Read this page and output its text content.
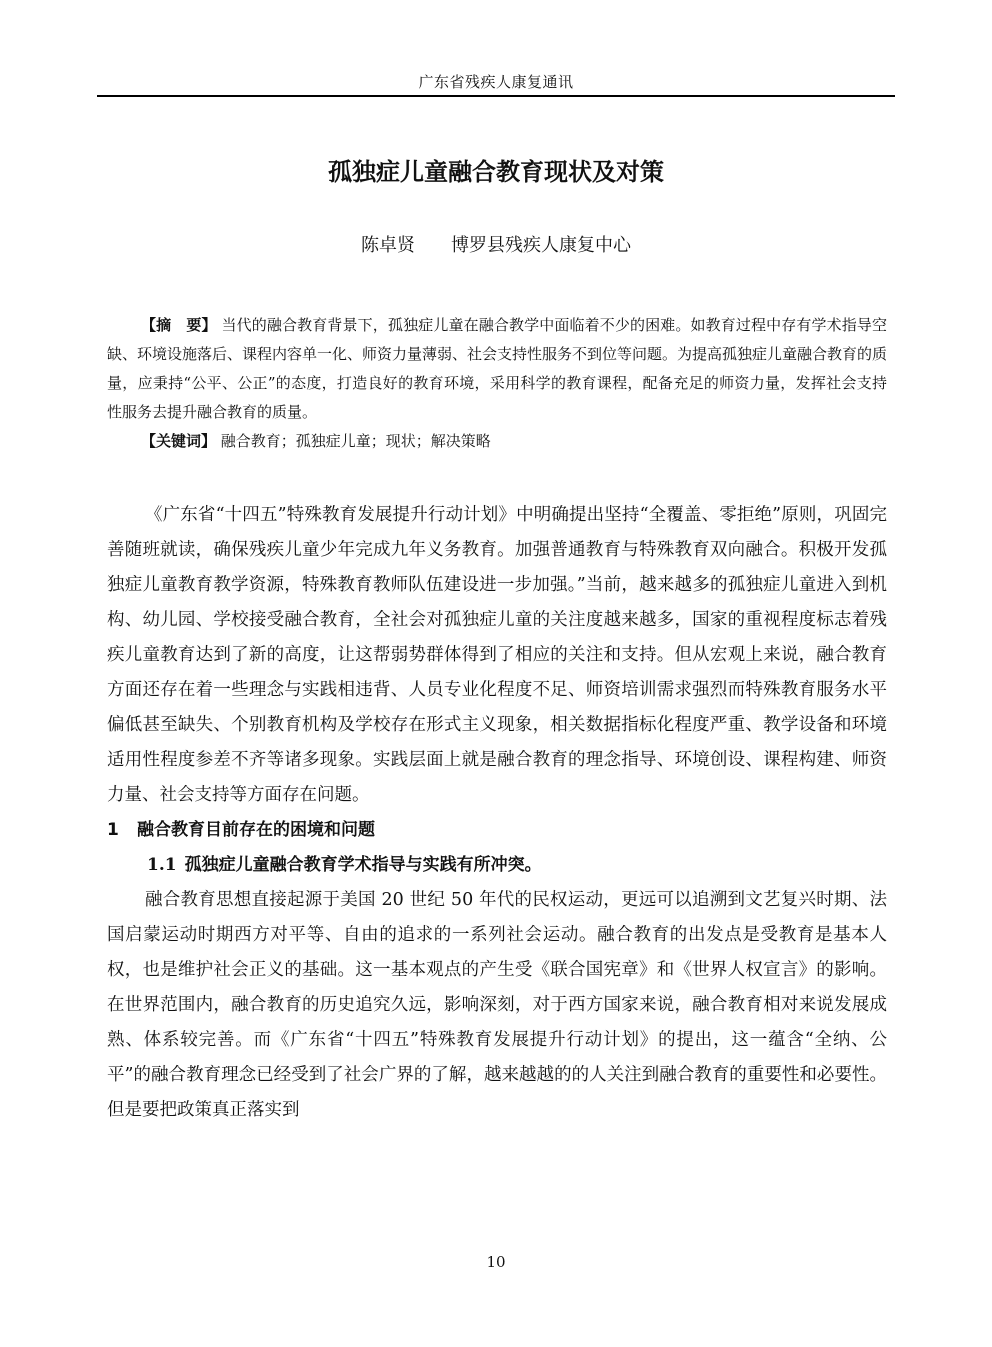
广东省残疾人康复通讯
孤独症儿童融合教育现状及对策
陈卓贤 博罗县残疾人康复中心

【摘　要】 当代的融合教育背景下，孤独症儿童在融合教学中面临着不少的困难。如教育过程中存有学术指导空缺、环境设施落后、课程内容单一化、师资力量薄弱、社会支持性服务不到位等问题。为提高孤独症儿童融合教育的质量，应秉持“公平、公正”的态度，打造良好的教育环境，采用科学的教育课程，配备充足的师资力量，发挥社会支持性服务去提升融合教育的质量。

【关键词】 融合教育；孤独症儿童；现状；解决策略

《广东省“十四五”特殊教育发展提升行动计划》中明确提出坚持“全覆盖、零拒绝”原则，巩固完善随班就读，确保残疾儿童少年完成九年义务教育。加强普通教育与特殊教育双向融合。积极开发孤独症儿童教育教学资源，特殊教育教师队伍建设进一步加强。”当前，越来越多的孤独症儿童进入到机构、幼儿园、学校接受融合教育，全社会对孤独症儿童的关注度越来越多，国家的重视程度标志着残疾儿童教育达到了新的高度，让这帮弱势群体得到了相应的关注和支持。但从宏观上来说，融合教育方面还存在着一些理念与实践相违背、人员专业化程度不足、师资培训需求强烈而特殊教育服务水平偏低甚至缺失、个别教育机构及学校存在形式主义现象，相关数据指标化程度严重、教学设备和环境适用性程度参差不齐等诸多现象。实践层面上就是融合教育的理念指导、环境创设、课程构建、师资力量、社会支持等方面存在问题。

1 融合教育目前存在的困境和问题

1.1 孤独症儿童融合教育学术指导与实践有所冲突。

融合教育思想直接起源于美国 20 世纪 50 年代的民权运动，更远可以追溯到文艺复兴时期、法国启蒙运动时期西方对平等、自由的追求的一系列社会运动。融合教育的出发点是受教育是基本人权，也是维护社会正义的基础。这一基本观点的产生受《联合国宪章》和《世界人权宣言》的影响。在世界范围内，融合教育的历史追究久远，影响深刻，对于西方国家来说，融合教育相对来说发展成熟、体系较完善。而《广东省“十四五”特殊教育发展提升行动计划》的提出，这一蕴含“全纳、公平”的融合教育理念已经受到了社会广界的了解，越来越越的的人关注到融合教育的重要性和必要性。但是要把政策真正落实到

10
